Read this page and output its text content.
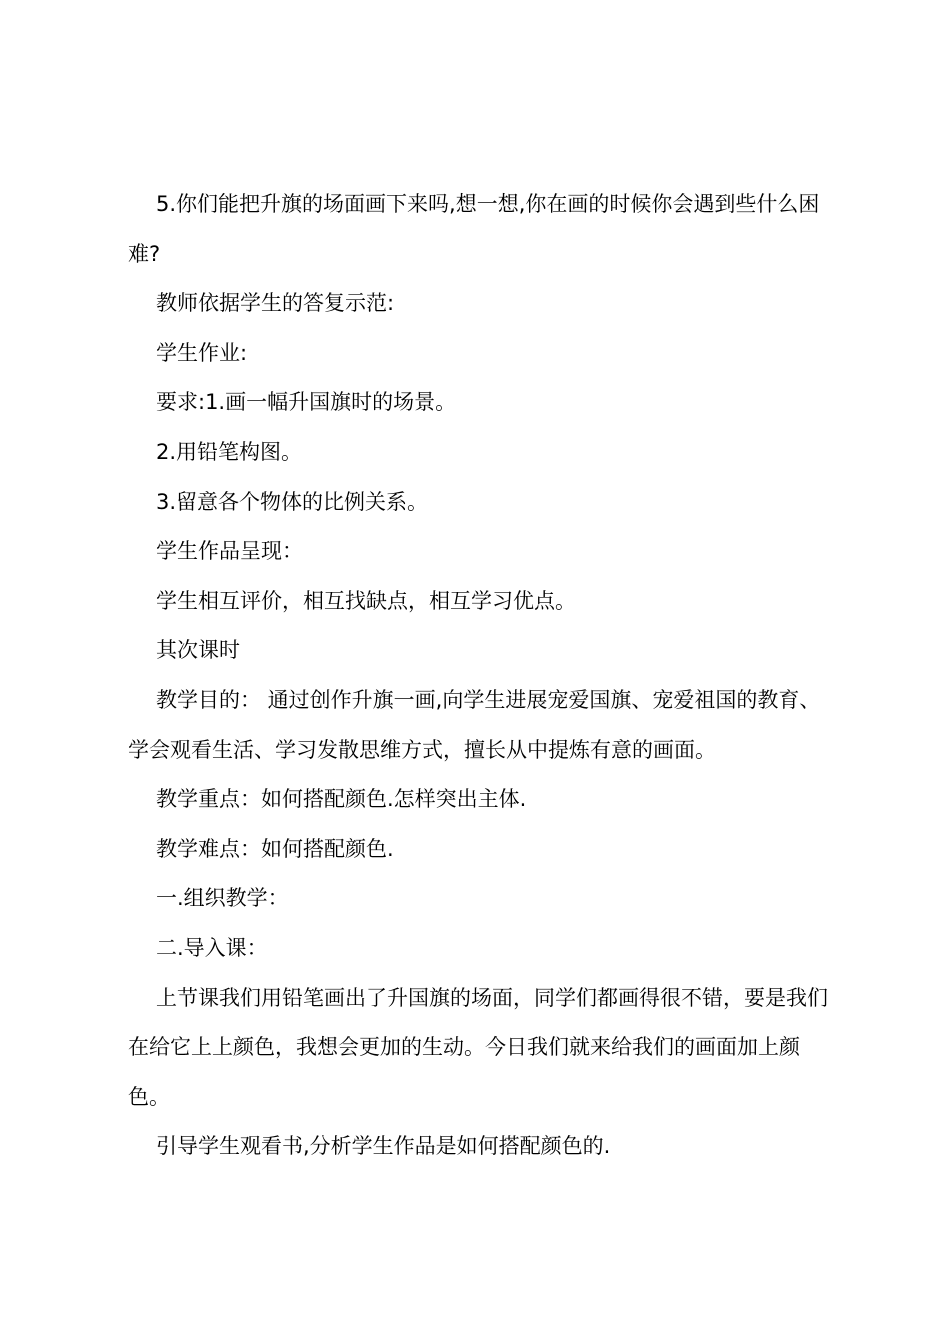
5.你们能把升旗的场面画下来吗,想一想,你在画的时候你会遇到些什么困难?

教师依据学生的答复示范:

学生作业:

要求:1.画一幅升国旗时的场景。

2.用铅笔构图。

3.留意各个物体的比例关系。

学生作品呈现：

学生相互评价，相互找缺点，相互学习优点。

其次课时

教学目的： 通过创作升旗一画,向学生进展宠爱国旗、宠爱祖国的教育、学会观看生活、学习发散思维方式，擅长从中提炼有意的画面。

教学重点：如何搭配颜色.怎样突出主体.

教学难点：如何搭配颜色.

一.组织教学：

二.导入课：

上节课我们用铅笔画出了升国旗的场面，同学们都画得很不错，要是我们在给它上上颜色，我想会更加的生动。今日我们就来给我们的画面加上颜色。

引导学生观看书,分析学生作品是如何搭配颜色的.
